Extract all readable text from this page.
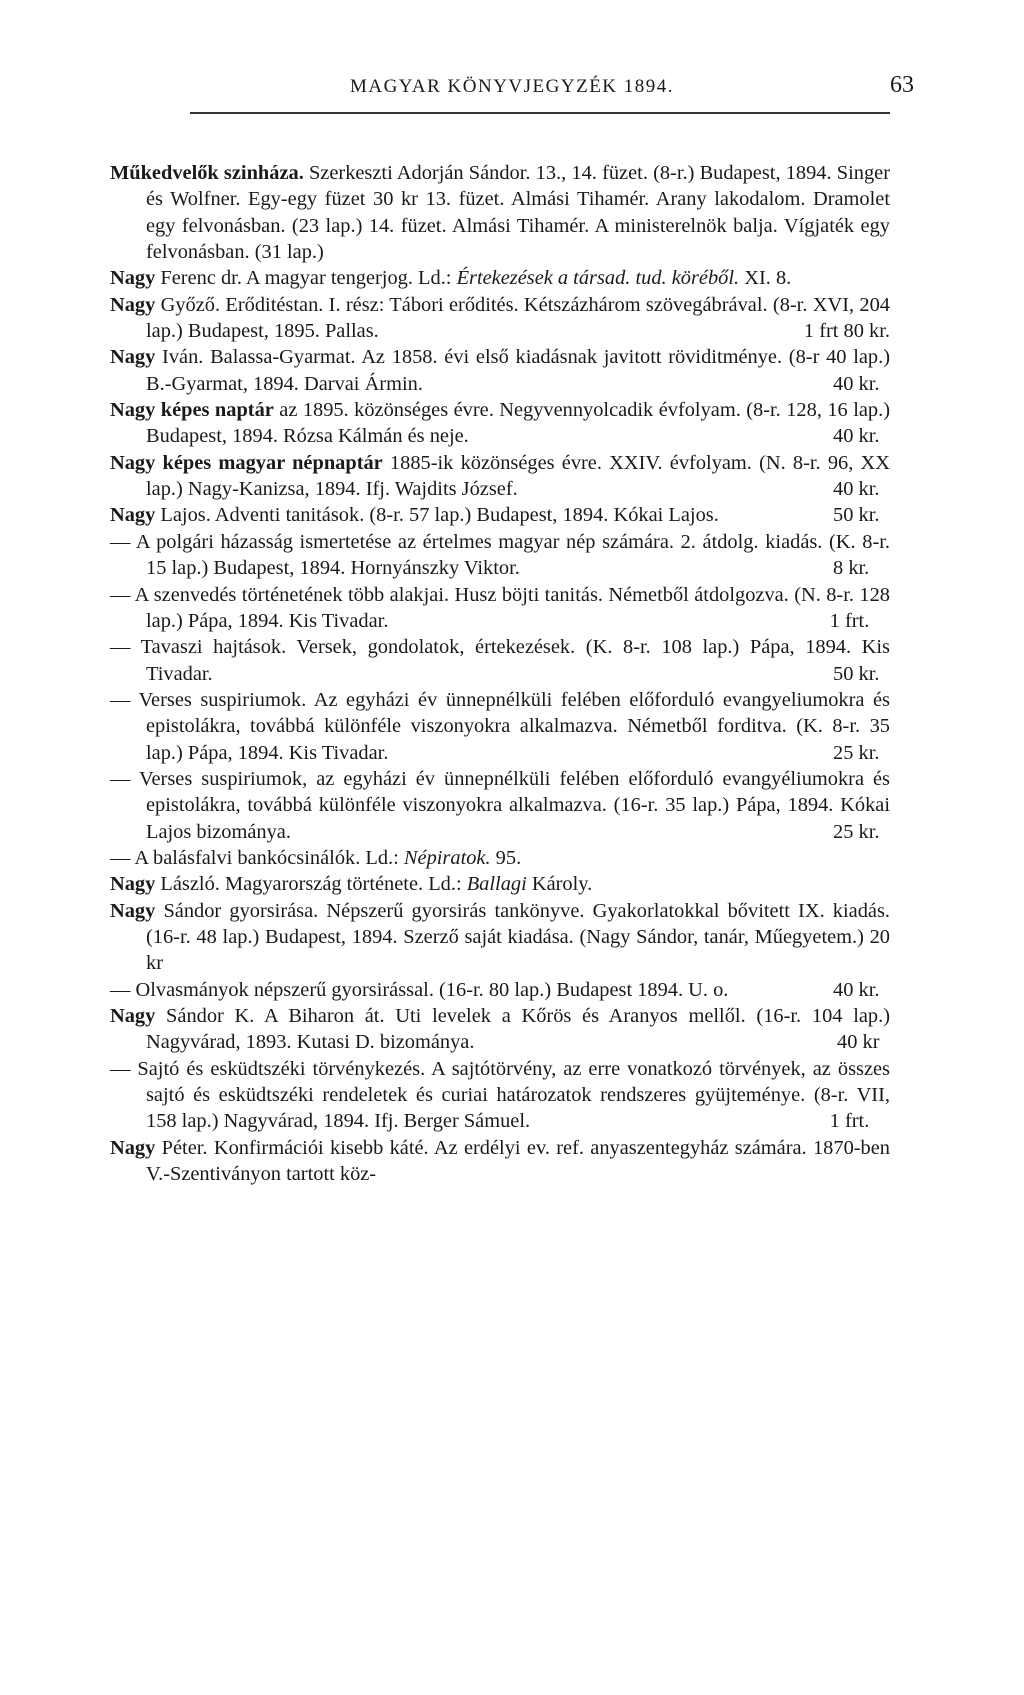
MAGYAR KÖNYVJEGYZÉK 1894.	63

Műkedvelők szinháza. Szerkeszti Adorján Sándor. 13., 14. füzet. (8-r.) Budapest, 1894. Singer és Wolfner. Egy-egy füzet 30 kr 13. füzet. Almási Tihamér. Arany lakodalom. Dramolet egy felvonásban. (23 lap.) 14. füzet. Almási Tihamér. A ministerelnök balja. Vígjaték egy felvonásban. (31 lap.)

Nagy Ferenc dr. A magyar tengerjog. Ld.: Értekezések a társad. tud. köréből. XI. 8.

Nagy Győző. Erőditéstan. I. rész: Tábori erődités. Kétszázhárom szövegábrával. (8-r. XVI, 204 lap.) Budapest, 1895. Pallas.	1 frt 80 kr.

Nagy Iván. Balassa-Gyarmat. Az 1858. évi első kiadásnak javitott röviditménye. (8-r 40 lap.) B.-Gyarmat, 1894. Darvai Ármin.	40 kr.

Nagy képes naptár az 1895. közönséges évre. Negyvennyolcadik évfolyam. (8-r. 128, 16 lap.) Budapest, 1894. Rózsa Kálmán és neje.	40 kr.

Nagy képes magyar népnaptár 1885-ik közönséges évre. XXIV. évfolyam. (N. 8-r. 96, XX lap.) Nagy-Kanizsa, 1894. Ifj. Wajdits József.	40 kr.

Nagy Lajos. Adventi tanitások. (8-r. 57 lap.) Budapest, 1894. Kókai Lajos.	50 kr.

— A polgári házasság ismertetése az értelmes magyar nép számára. 2. átdolg. kiadás. (K. 8-r. 15 lap.) Budapest, 1894. Hornyánszky Viktor.	8 kr.

— A szenvedés történetének több alakjai. Husz böjti tanitás. Németből átdolgozva. (N. 8-r. 128 lap.) Pápa, 1894. Kis Tivadar.	1 frt.

— Tavaszi hajtások. Versek, gondolatok, értekezések. (K. 8-r. 108 lap.) Pápa, 1894. Kis Tivadar.	50 kr.

— Verses suspiriumok. Az egyházi év ünnepnélküli felében előforduló evangyeliumokra és epistolákra, továbbá különféle viszonyokra alkalmazva. Németből forditva. (K. 8-r. 35 lap.) Pápa, 1894. Kis Tivadar.	25 kr.

— Verses suspiriumok, az egyházi év ünnepnélküli felében előforduló evangyéliumokra és epistolákra, továbbá különféle viszonyokra alkalmazva. (16-r. 35 lap.) Pápa, 1894. Kókai Lajos bizománya.	25 kr.

— A balásfalvi bankócsinálók. Ld.: Népiratok. 95.

Nagy László. Magyarország története. Ld.: Ballagi Károly.

Nagy Sándor gyorsirása. Népszerű gyorsirás tankönyve. Gyakorlatokkal bővitett IX. kiadás. (16-r. 48 lap.) Budapest, 1894. Szerző saját kiadása. (Nagy Sándor, tanár, Műegyetem.) 20 kr

— Olvasmányok népszerű gyorsirással. (16-r. 80 lap.) Budapest 1894. U. o.	40 kr.

Nagy Sándor K. A Biharon át. Uti levelek a Kőrös és Aranyos mellől. (16-r. 104 lap.) Nagyvárad, 1893. Kutasi D. bizománya.	40 kr

— Sajtó és esküdtszéki törvénykezés. A sajtótörvény, az erre vonatkozó törvények, az összes sajtó és esküdtszéki rendeletek és curiai határozatok rendszeres gyüjteménye. (8-r. VII, 158 lap.) Nagyvárad, 1894. Ifj. Berger Sámuel.	1 frt.

Nagy Péter. Konfirmációi kisebb káté. Az erdélyi ev. ref. anyaszentegyház számára. 1870-ben V.-Szentiványon tartott köz-
